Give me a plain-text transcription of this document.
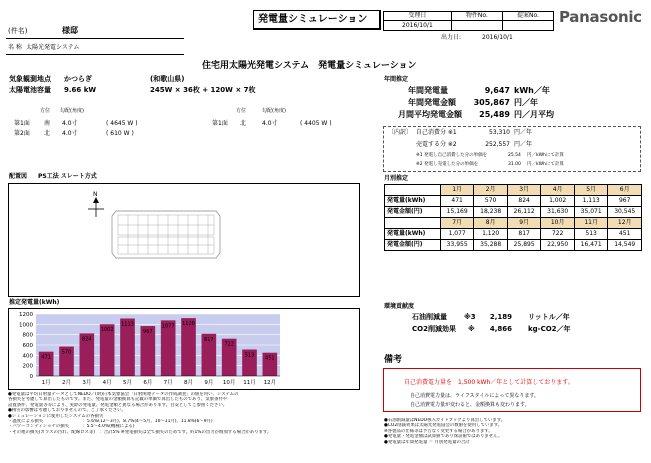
(件名)	様邸
名 称 太陽光発電システム
発電量シミュレーション	受理日	物件No.	提案No.
2016/10/1		
出力日:	2016/10/1
Panasonic
住宅用太陽光発電システム　発電量シミュレーション
気象観測地点 かつらぎ	(和歌山県)
太陽電池容量 9.66 kW	245W × 36枚 + 120W × 7枚
方位 勾配(角度)	方位	勾配(角度)
第1面 南 4.0寸	( 4645 W )
第2面 北 4.0寸	( 610 W )
第1面 北	4.0寸	( 4405 W )
配置図 PS工法 スレート方式
N
推定発電量(kWh)
0
200
400
600
800
1000
1200
471
1月
570
2月
824
3月
1002
4月
1113
5月
967
6月
1077
7月
1120
8月
817
9月
722
10月
513
11月
451
12月
●発電量は平均日射量データとしてNEDO／(財)日本気象協会「日射関連データの作成調査」の値を用い、システムの
各損失を考慮して算出したものです。また、発電量の金額換算も記載の単価で算出したものであり、気象条件や
設置条件、発電量等等により、実際の発電量、発電金額と異なる場合があります。目安としてご参照ください。
●積雪の影響は考慮しておりませんので、ご了承ください。
●シミュレーションに使用したシステムの各損失
・温度による損失　　　　　　　　　：5.6%(12〜3月)、8.7%(4〜5月、10〜11月)、11.8%(6〜9月)
・パワーコンディショナの損失　　　：5.5〜4.0%(機種による)
・その他の損失(ガラスの汚れ、配線ロス等)　：合計5% ※発電損失は全て損失のためです。約1%の出力が増加する場合があります。
年間推定
年間発電量	9,647 kWh／年
年間発電金額	305,867 円／年
月間平均発電金額	25,489 円／月平均
〔内訳〕 自己消費分 ※1	53,310 円／年
売電する分 ※2	252,557 円／年
※1 発電し自己消費した分の単価を	25.54 円／kWhにて計算
※2 発電し売電した分の単価を	31.00 円／kWhにて計算
月別推定
	1月	2月	3月	4月	5月	6月
発電量(kWh)	471	570	824	1,002	1,113	967
発電金額(円)	15,169	18,238	26,112	31,630	35,071	30,545
	7月	8月	9月	10月	11月	12月
発電量(kWh)	1,077	1,120	817	722	513	451
発電金額(円)	33,955	35,288	25,895	22,950	16,471	14,549
環境貢献度
石油削減量 ※3	2,189 リットル／年
CO2削減効果 ※	4,866 kg-CO2／年
備考
自己消費電力量を　1,500 kWh／年として計算しております。
自己消費電力量は、ライフスタイルによって異なります。
自己消費電力量が変わると、金額換算も変わります。
●石油削減量はNEDO導入ガイドブックより算出しています。
●CO2削減効果は太陽光発電協会の数値を使用しています。
※各製品の仕様等は予告なく変更する場合があります。
●発電量・発電金額は試算値であり保証値ではありません。
●発電量は年間発電量 ＝ 月別発電量の合計
